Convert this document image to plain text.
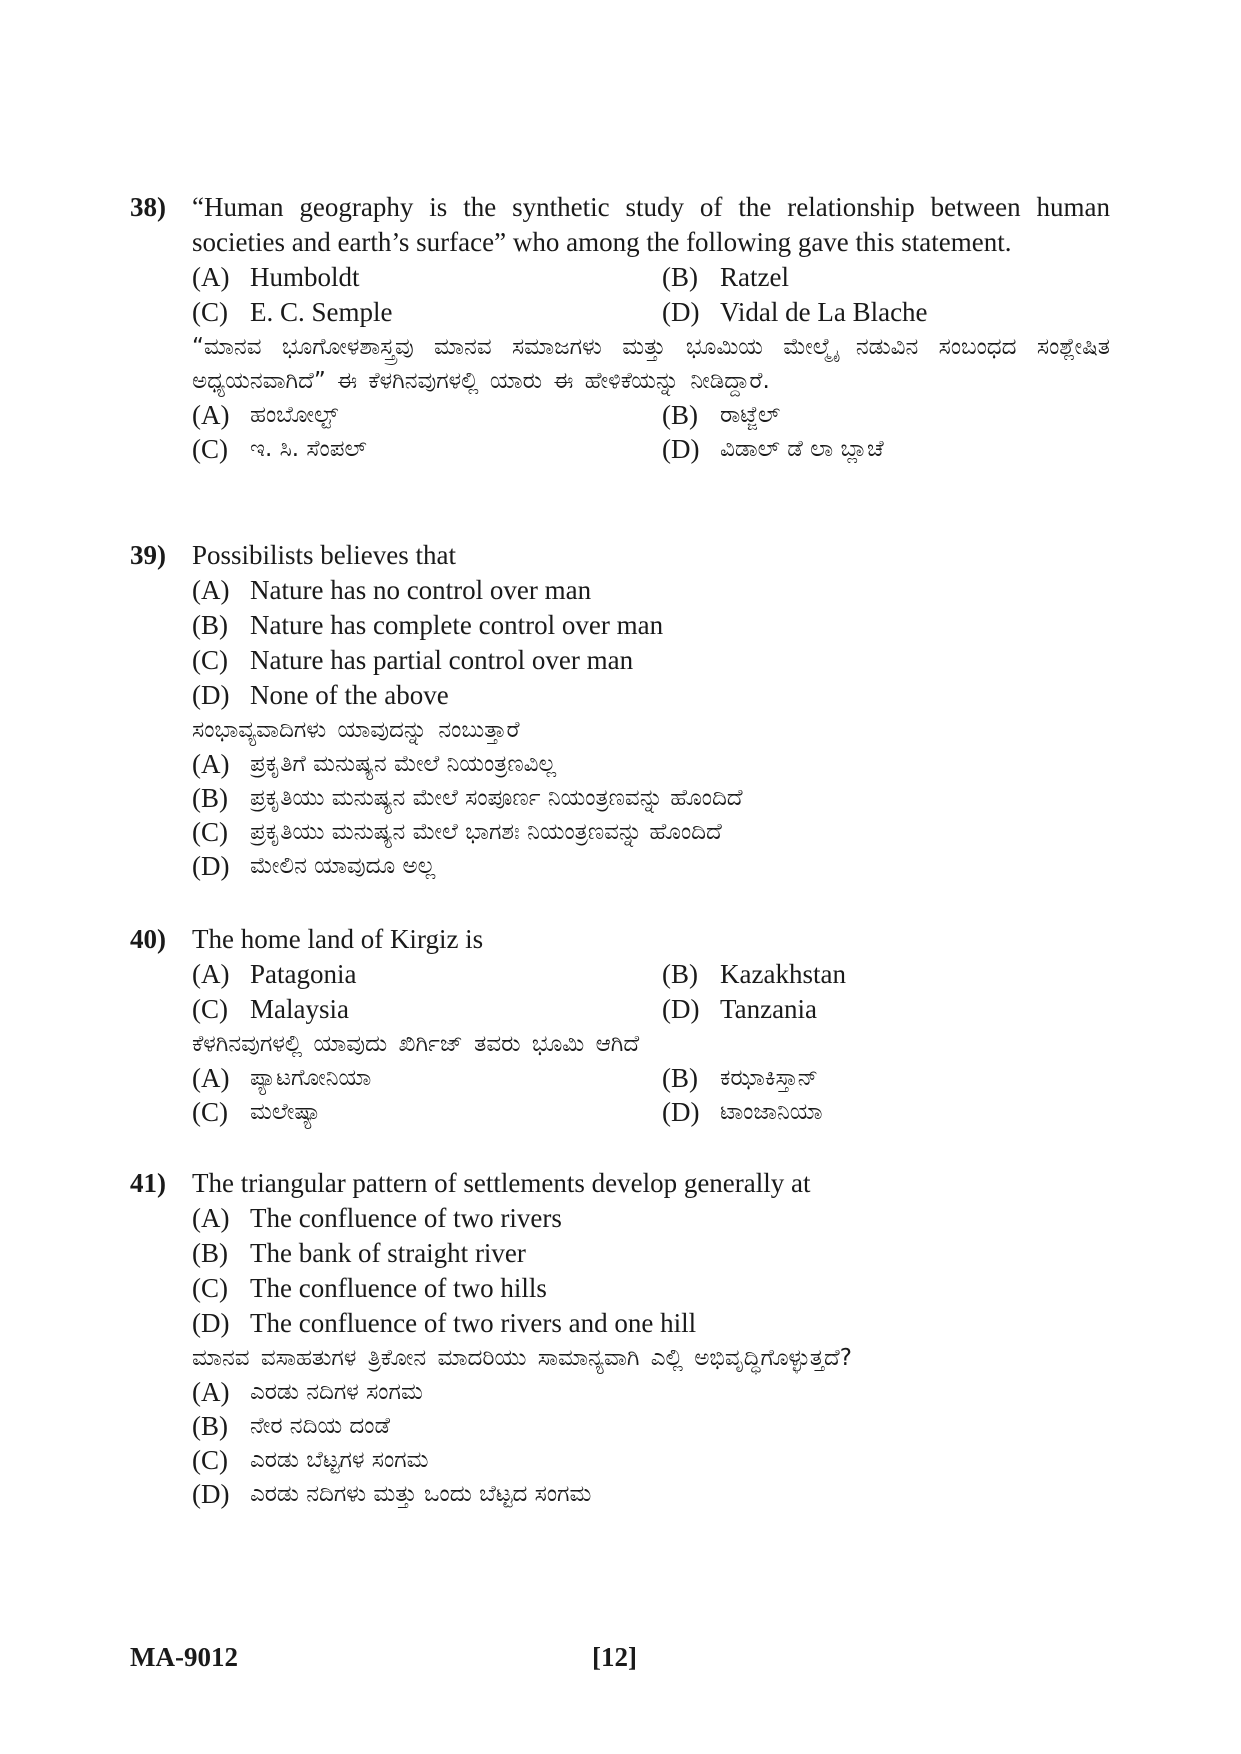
38) “Human geography is the synthetic study of the relationship between human societies and earth’s surface” who among the following gave this statement.
(A) Humboldt	(B) Ratzel
(C) E. C. Semple	(D) Vidal de La Blache
“ಮಾನವ ಭೂಗೋಳಶಾಸ್ತ್ರವು ಮಾನವ ಸಮಾಜಗಳು ಮತ್ತು ಭೂಮಿಯ ಮೇಲ್ಮೈ ನಡುವಿನ ಸಂಬಂಧದ ಸಂಶ್ಲೇಷಿತ ಅಧ್ಯಯನವಾಗಿದೆ” ಈ ಕೆಳಗಿನವುಗಳಲ್ಲಿ ಯಾರು ಈ ಹೇಳಿಕೆಯನ್ನು ನೀಡಿದ್ದಾರೆ.
(A) ಹಂಬೋಲ್ಟ್	(B) ರಾಟ್ಜೆಲ್
(C) ಇ. ಸಿ. ಸೆಂಪಲ್	(D) ವಿಡಾಲ್ ಡೆ ಲಾ ಬ್ಲಾಚೆ
39) Possibilists believes that
(A) Nature has no control over man
(B) Nature has complete control over man
(C) Nature has partial control over man
(D) None of the above
ಸಂಭಾವ್ಯವಾದಿಗಳು ಯಾವುದನ್ನು ನಂಬುತ್ತಾರೆ
(A) ಪ್ರಕೃತಿಗೆ ಮನುಷ್ಯನ ಮೇಲೆ ನಿಯಂತ್ರಣವಿಲ್ಲ
(B) ಪ್ರಕೃತಿಯು ಮನುಷ್ಯನ ಮೇಲೆ ಸಂಪೂರ್ಣ ನಿಯಂತ್ರಣವನ್ನು ಹೊಂದಿದೆ
(C) ಪ್ರಕೃತಿಯು ಮನುಷ್ಯನ ಮೇಲೆ ಭಾಗಶಃ ನಿಯಂತ್ರಣವನ್ನು ಹೊಂದಿದೆ
(D) ಮೇಲಿನ ಯಾವುದೂ ಅಲ್ಲ
40) The home land of Kirgiz is
(A) Patagonia	(B) Kazakhstan
(C) Malaysia	(D) Tanzania
ಕೆಳಗಿನವುಗಳಲ್ಲಿ ಯಾವುದು ಖಿರ್ಗಿಜ್ ತವರು ಭೂಮಿ ಆಗಿದೆ
(A) ಪ್ಯಾಟಗೋನಿಯಾ	(B) ಕಝಾಕಿಸ್ತಾನ್
(C) ಮಲೇಷ್ಯಾ	(D) ಟಾಂಜಾನಿಯಾ
41) The triangular pattern of settlements develop generally at
(A) The confluence of two rivers
(B) The bank of straight river
(C) The confluence of two hills
(D) The confluence of two rivers and one hill
ಮಾನವ ವಸಾಹತುಗಳ ತ್ರಿಕೋನ ಮಾದರಿಯು ಸಾಮಾನ್ಯವಾಗಿ ಎಲ್ಲಿ ಅಭಿವೃದ್ಧಿಗೊಳ್ಳುತ್ತದೆ?
(A) ಎರಡು ನದಿಗಳ ಸಂಗಮ
(B) ನೇರ ನದಿಯ ದಂಡೆ
(C) ಎರಡು ಬೆಟ್ಟಗಳ ಸಂಗಮ
(D) ಎರಡು ನದಿಗಳು ಮತ್ತು ಒಂದು ಬೆಟ್ಟದ ಸಂಗಮ
MA-9012	[12]
